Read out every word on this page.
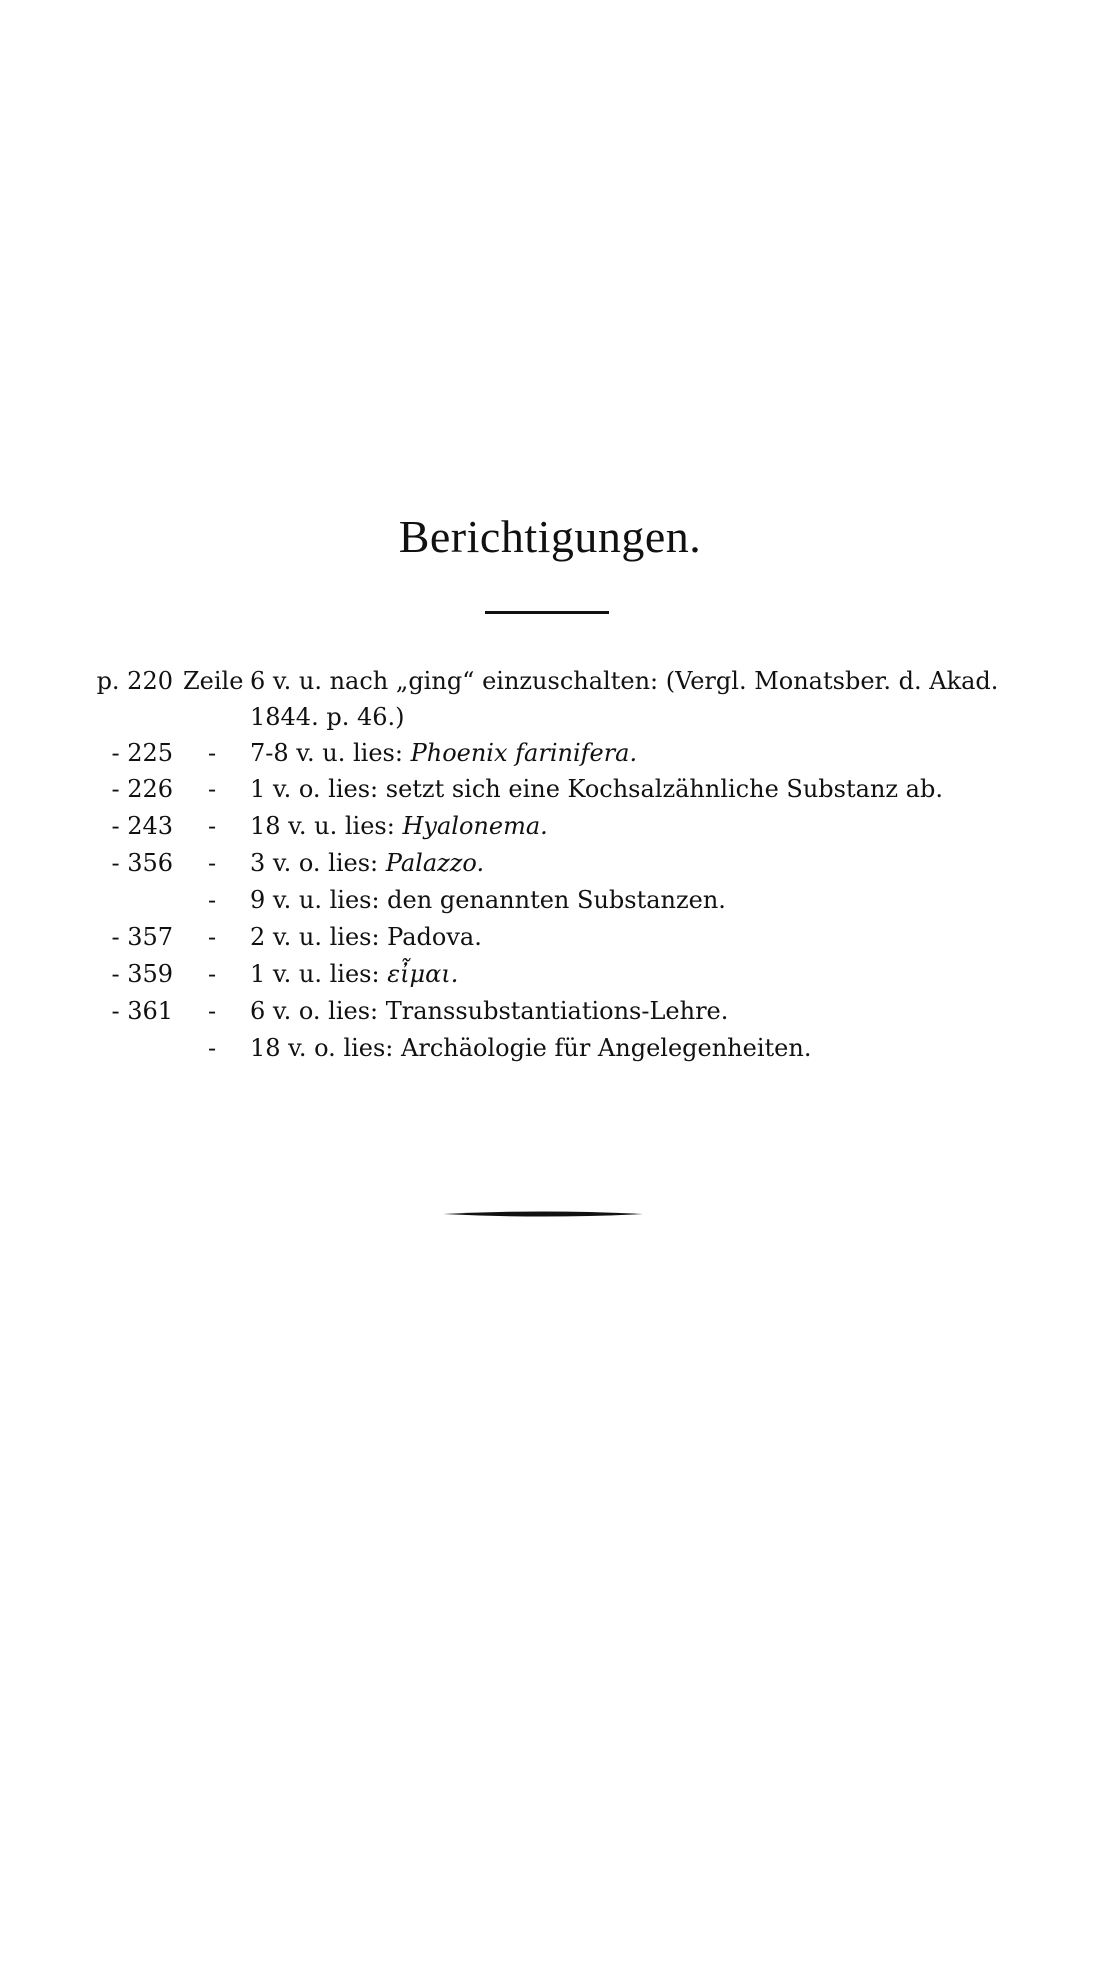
Berichtigungen.
p. 220 Zeile 6 v. u. nach „ging“ einzuschalten: (Vergl. Monatsber. d. Akad.
1844. p. 46.)
- 225 - 7-8 v. u. lies: Phoenix farinifera.
- 226 - 1 v. o. lies: setzt sich eine Kochsalzähnliche Substanz ab.
- 243 - 18 v. u. lies: Hyalonema.
- 356 - 3 v. o. lies: Palazzo.
- 9 v. u. lies: den genannten Substanzen.
- 357 - 2 v. u. lies: Padova.
- 359 - 1 v. u. lies: εἶμαι.
- 361 - 6 v. o. lies: Transsubstantiations-Lehre.
- 18 v. o. lies: Archäologie für Angelegenheiten.
